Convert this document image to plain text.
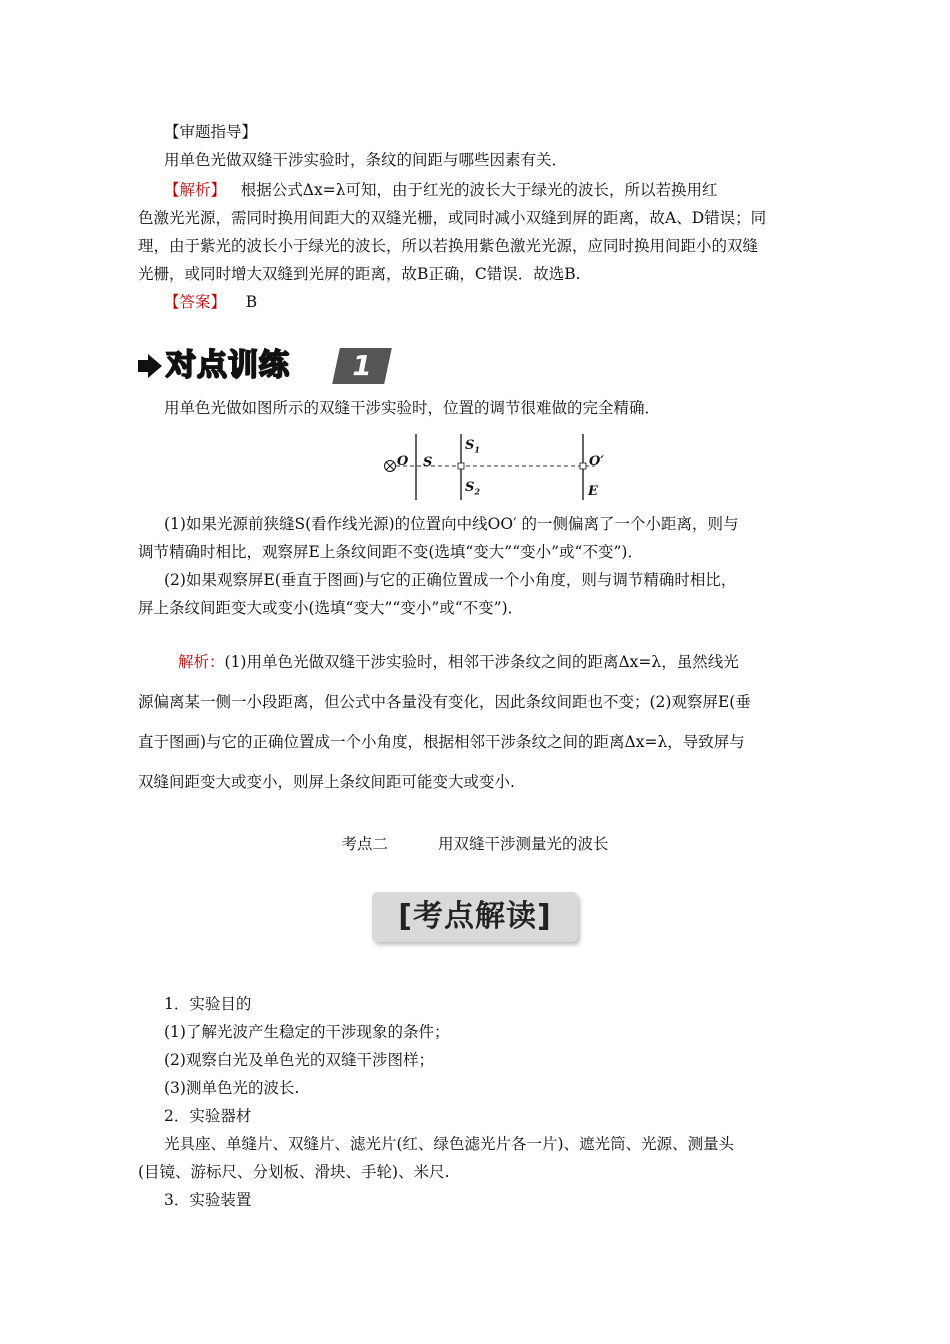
【审题指导】
用单色光做双缝干涉实验时，条纹的间距与哪些因素有关．
【解析】 根据公式Δx=λ可知，由于红光的波长大于绿光的波长，所以若换用红
色激光光源，需同时换用间距大的双缝光栅，或同时减小双缝到屏的距离，故A、D错误；同
理，由于紫光的波长小于绿光的波长，所以若换用紫色激光光源，应同时换用间距小的双缝
光栅，或同时增大双缝到光屏的距离，故B正确，C错误．故选B.
【答案】 B
对点训练	1
用单色光做如图所示的双缝干涉实验时，位置的调节很难做的完全精确．
O S
$S_1$
$S_2$
O′
E
(1)如果光源前狭缝S(看作线光源)的位置向中线OO′ 的一侧偏离了一个小距离，则与
调节精确时相比，观察屏E上条纹间距不变(选填“变大”“变小”或“不变”)．
(2)如果观察屏E(垂直于图画)与它的正确位置成一个小角度，则与调节精确时相比，
屏上条纹间距变大或变小(选填“变大”“变小”或“不变”)．
解析：(1)用单色光做双缝干涉实验时，相邻干涉条纹之间的距离Δx=λ，虽然线光
源偏离某一侧一小段距离，但公式中各量没有变化，因此条纹间距也不变；(2)观察屏E(垂
直于图画)与它的正确位置成一个小角度，根据相邻干涉条纹之间的距离Δx=λ，导致屏与
双缝间距变大或变小，则屏上条纹间距可能变大或变小.
考点二	用双缝干涉测量光的波长
[考点解读]
1．实验目的
(1)了解光波产生稳定的干涉现象的条件；
(2)观察白光及单色光的双缝干涉图样；
(3)测单色光的波长.
2．实验器材
光具座、单缝片、双缝片、滤光片(红、绿色滤光片各一片)、遮光筒、光源、测量头
(目镜、游标尺、分划板、滑块、手轮)、米尺.
3．实验装置
